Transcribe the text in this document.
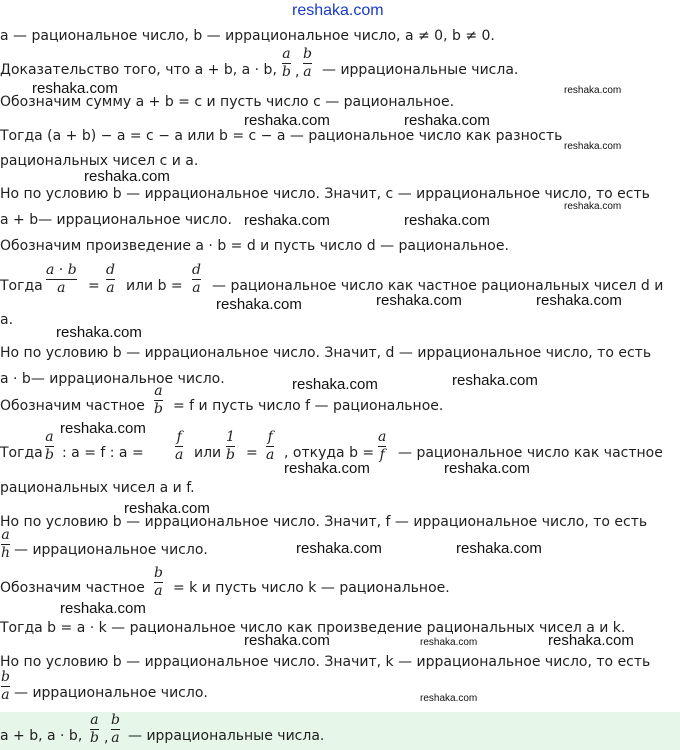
reshaka.com
reshaka.com	reshaka.com
reshaka.com	reshaka.com
reshaka.com
reshaka.com
reshaka.com
reshaka.com	reshaka.com
reshaka.com	reshaka.com	reshaka.com
reshaka.com
reshaka.com	reshaka.com
reshaka.com
reshaka.com	reshaka.com
reshaka.com
reshaka.com	reshaka.com
reshaka.com
reshaka.com	reshaka.com	reshaka.com
reshaka.com
a — рациональное число, b — иррациональное число, a ≠ 0, b ≠ 0.
Доказательство того, что a + b, a · b,
a
b ,
b
a — иррациональные числа.
Обозначим сумму a + b = c и пусть число c — рациональное.
Тогда (a + b) − a = c − a или b = c − a — рациональное число как разность
рациональных чисел c и a.
Но по условию b — иррациональное число. Значит, c — иррациональное число, то есть
a + b— иррациональное число.
Обозначим произведение a · b = d и пусть число d — рациональное.
Тогда
a · b
a =
d
a или b =
d
a — рациональное число как частное рациональных чисел d и
a.
Но по условию b — иррациональное число. Значит, d — иррациональное число, то есть
a · b— иррациональное число.
Обозначим частное
a
b = f и пусть число f — рациональное.
Тогда
a
b : a = f : a =
f
a или
1
b =
f
a , откуда b =
a
f — рациональное число как частное
рациональных чисел a и f.
Но по условию b — иррациональное число. Значит, f — иррациональное число, то есть
a
h — иррациональное число.
Обозначим частное
b
a = k и пусть число k — рациональное.
Тогда b = a · k — рациональное число как произведение рациональных чисел a и k.
Но по условию b — иррациональное число. Значит, k — иррациональное число, то есть
b
a — иррациональное число.
a + b, a · b,
a
b ,
b
a — иррациональные числа.
